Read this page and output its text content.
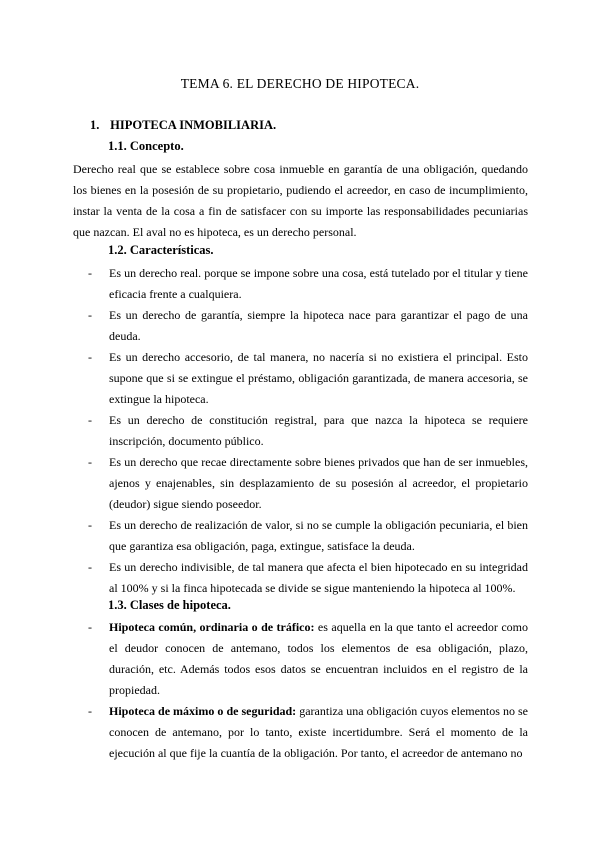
TEMA 6. EL DERECHO DE HIPOTECA.
1. HIPOTECA INMOBILIARIA.
1.1. Concepto.
Derecho real que se establece sobre cosa inmueble en garantía de una obligación, quedando los bienes en la posesión de su propietario, pudiendo el acreedor, en caso de incumplimiento, instar la venta de la cosa a fin de satisfacer con su importe las responsabilidades pecuniarias que nazcan. El aval no es hipoteca, es un derecho personal.
1.2. Características.
- Es un derecho real. porque se impone sobre una cosa, está tutelado por el titular y tiene eficacia frente a cualquiera.
- Es un derecho de garantía, siempre la hipoteca nace para garantizar el pago de una deuda.
- Es un derecho accesorio, de tal manera, no nacería si no existiera el principal. Esto supone que si se extingue el préstamo, obligación garantizada, de manera accesoria, se extingue la hipoteca.
- Es un derecho de constitución registral, para que nazca la hipoteca se requiere inscripción, documento público.
- Es un derecho que recae directamente sobre bienes privados que han de ser inmuebles, ajenos y enajenables, sin desplazamiento de su posesión al acreedor, el propietario (deudor) sigue siendo poseedor.
- Es un derecho de realización de valor, si no se cumple la obligación pecuniaria, el bien que garantiza esa obligación, paga, extingue, satisface la deuda.
- Es un derecho indivisible, de tal manera que afecta el bien hipotecado en su integridad al 100% y si la finca hipotecada se divide se sigue manteniendo la hipoteca al 100%.
1.3. Clases de hipoteca.
- Hipoteca común, ordinaria o de tráfico: es aquella en la que tanto el acreedor como el deudor conocen de antemano, todos los elementos de esa obligación, plazo, duración, etc. Además todos esos datos se encuentran incluidos en el registro de la propiedad.
- Hipoteca de máximo o de seguridad: garantiza una obligación cuyos elementos no se conocen de antemano, por lo tanto, existe incertidumbre. Será el momento de la ejecución al que fije la cuantía de la obligación. Por tanto, el acreedor de antemano no
